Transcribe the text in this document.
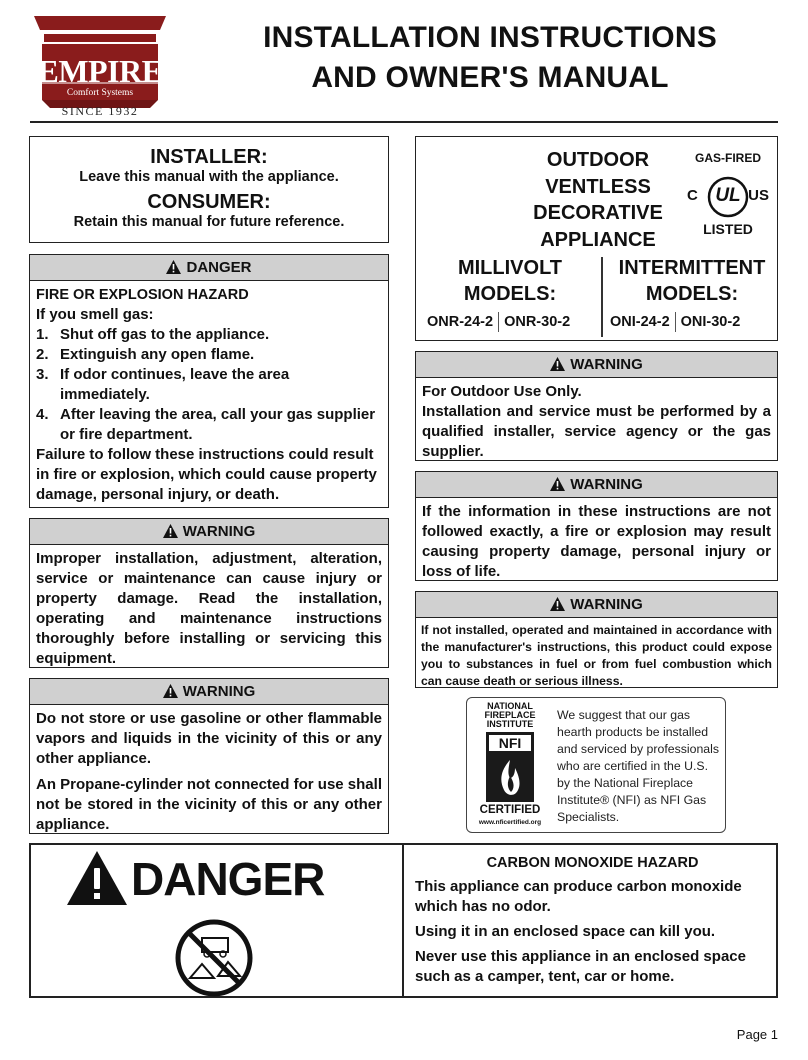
EMPIRE
Comfort Systems
SINCE 1932
INSTALLATION INSTRUCTIONS
AND OWNER'S MANUAL
INSTALLER:
Leave this manual with the appliance.
CONSUMER:
Retain this manual for future reference.
OUTDOOR
VENTLESS
DECORATIVE
APPLIANCE
GAS-FIRED
C UL US
LISTED
MILLIVOLT
MODELS:
INTERMITTENT
MODELS:
ONR-24-2 ONR-30-2	ONI-24-2 ONI-30-2
DANGER
FIRE OR EXPLOSION HAZARD
If you smell gas:
1. Shut off gas to the appliance.
2. Extinguish any open flame.
3. If odor continues, leave the area immediately.
4. After leaving the area, call your gas supplier or fire department.
Failure to follow these instructions could result in fire or explosion, which could cause property damage, personal injury, or death.
WARNING
Improper installation, adjustment, alteration, service or maintenance can cause injury or property damage. Read the installation, operating and maintenance instructions thoroughly before installing or servicing this equipment.
WARNING
Do not store or use gasoline or other flammable vapors and liquids in the vicinity of this or any other appliance.
An Propane-cylinder not connected for use shall not be stored in the vicinity of this or any other appliance.
WARNING
For Outdoor Use Only.
Installation and service must be performed by a qualified installer, service agency or the gas supplier.
WARNING
If the information in these instructions are not followed exactly, a fire or explosion may result causing property damage, personal injury or loss of life.
WARNING
If not installed, operated and maintained in accordance with the manufacturer's instructions, this product could expose you to substances in fuel or from fuel combustion which can cause death or serious illness.
NATIONAL FIREPLACE INSTITUTE
NFI
CERTIFIED
www.nficertified.org
We suggest that our gas hearth products be installed and serviced by professionals who are certified in the U.S. by the National Fireplace Institute® (NFI) as NFI Gas Specialists.
DANGER	CARBON MONOXIDE HAZARD
This appliance can produce carbon monoxide which has no odor.
Using it in an enclosed space can kill you.
Never use this appliance in an enclosed space such as a camper, tent, car or home.
Page 1
